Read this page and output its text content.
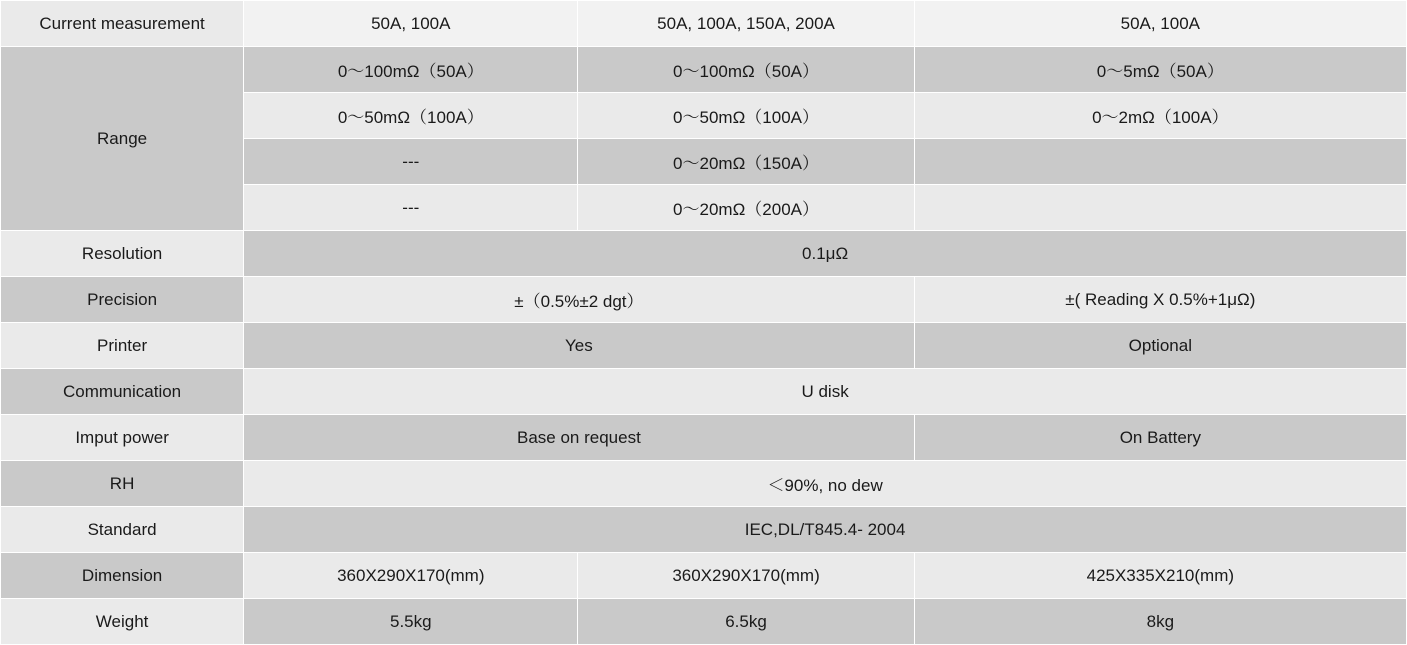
Current measurement	50A, 100A	50A, 100A, 150A, 200A	50A, 100A
Range	0～100mΩ（50A）	0～100mΩ（50A）	0～5mΩ（50A）
	0～50mΩ（100A）	0～50mΩ（100A）	0～2mΩ（100A）
	---	0～20mΩ（150A）	
	---	0～20mΩ（200A）	
Resolution	0.1μΩ		
Precision	±（0.5%±2 dgt）		±( Reading X 0.5%+1μΩ)
Printer	Yes		Optional
Communication	U disk		
Imput power	Base on request		On Battery
RH	＜90%, no dew		
Standard	IEC,DL/T845.4- 2004		
Dimension	360X290X170(mm)	360X290X170(mm)	425X335X210(mm)
Weight	5.5kg	6.5kg	8kg
